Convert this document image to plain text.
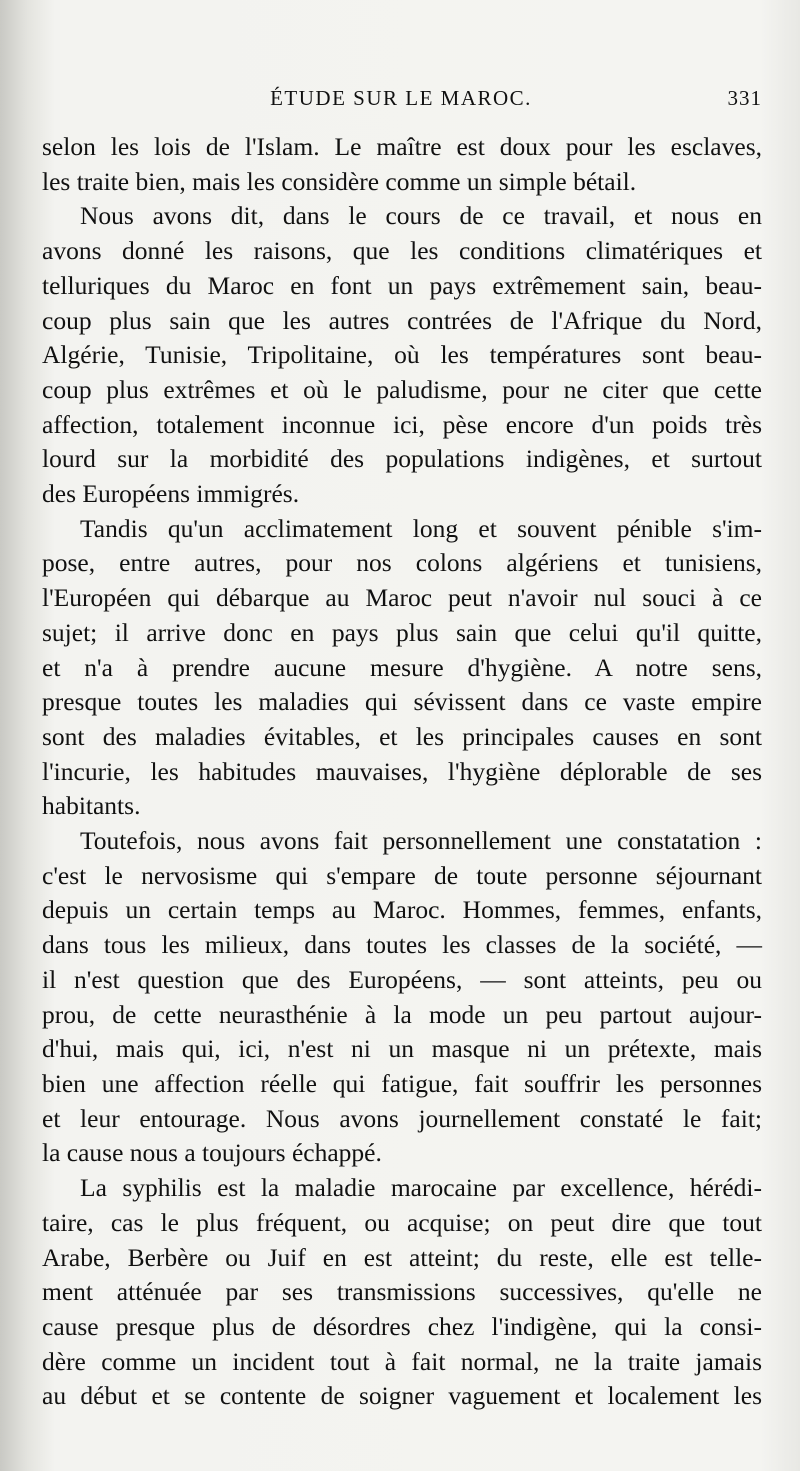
ÉTUDE SUR LE MAROC.	331
selon les lois de l'Islam. Le maître est doux pour les esclaves,
les traite bien, mais les considère comme un simple bétail.
Nous avons dit, dans le cours de ce travail, et nous en
avons donné les raisons, que les conditions climatériques et
telluriques du Maroc en font un pays extrêmement sain, beau-
coup plus sain que les autres contrées de l'Afrique du Nord,
Algérie, Tunisie, Tripolitaine, où les températures sont beau-
coup plus extrêmes et où le paludisme, pour ne citer que cette
affection, totalement inconnue ici, pèse encore d'un poids très
lourd sur la morbidité des populations indigènes, et surtout
des Européens immigrés.
Tandis qu'un acclimatement long et souvent pénible s'im-
pose, entre autres, pour nos colons algériens et tunisiens,
l'Européen qui débarque au Maroc peut n'avoir nul souci à ce
sujet; il arrive donc en pays plus sain que celui qu'il quitte,
et n'a à prendre aucune mesure d'hygiène. A notre sens,
presque toutes les maladies qui sévissent dans ce vaste empire
sont des maladies évitables, et les principales causes en sont
l'incurie, les habitudes mauvaises, l'hygiène déplorable de ses
habitants.
Toutefois, nous avons fait personnellement une constatation :
c'est le nervosisme qui s'empare de toute personne séjournant
depuis un certain temps au Maroc. Hommes, femmes, enfants,
dans tous les milieux, dans toutes les classes de la société, —
il n'est question que des Européens, — sont atteints, peu ou
prou, de cette neurasthénie à la mode un peu partout aujour-
d'hui, mais qui, ici, n'est ni un masque ni un prétexte, mais
bien une affection réelle qui fatigue, fait souffrir les personnes
et leur entourage. Nous avons journellement constaté le fait;
la cause nous a toujours échappé.
La syphilis est la maladie marocaine par excellence, hérédi-
taire, cas le plus fréquent, ou acquise; on peut dire que tout
Arabe, Berbère ou Juif en est atteint; du reste, elle est telle-
ment atténuée par ses transmissions successives, qu'elle ne
cause presque plus de désordres chez l'indigène, qui la consi-
dère comme un incident tout à fait normal, ne la traite jamais
au début et se contente de soigner vaguement et localement les
